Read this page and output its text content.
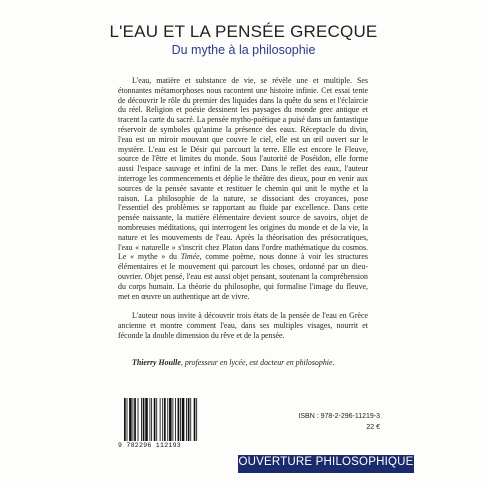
L'EAU ET LA PENSÉE GRECQUE
Du mythe à la philosophie

L'eau, matière et substance de vie, se révèle une et multiple. Ses étonnantes métamorphoses nous racontent une histoire infinie. Cet essai tente de découvrir le rôle du premier des liquides dans la quête du sens et l'éclaircie du réel. Religion et poésie dessinent les paysages du monde grec antique et tracent la carte du sacré. La pensée mytho-poétique a puisé dans un fantastique réservoir de symboles qu'anime la présence des eaux. Réceptacle du divin, l'eau est un miroir mouvant que couvre le ciel, elle est un œil ouvert sur le mystère. L'eau est le Désir qui parcourt la terre. Elle est encore le Fleuve, source de l'être et limites du monde. Sous l'autorité de Poséidon, elle forme aussi l'espace sauvage et infini de la mer. Dans le reflet des eaux, l'auteur interroge les commencements et déplie le théâtre des dieux, pour en venir aux sources de la pensée savante et restituer le chemin qui unit le mythe et la raison. La philosophie de la nature, se dissociant des croyances, pose l'essentiel des problèmes se rapportant au fluide par excellence. Dans cette pensée naissante, la matière élémentaire devient source de savoirs, objet de nombreuses méditations, qui interrogent les origines du monde et de la vie, la nature et les mouvements de l'eau. Après la théorisation des présocratiques, l'eau « naturelle » s'inscrit chez Platon dans l'ordre mathématique du cosmos. Le « mythe » du Timée, comme poème, nous donne à voir les structures élémentaires et le mouvement qui parcourt les choses, ordonné par un dieu-ouvrier. Objet pensé, l'eau est aussi objet pensant, soutenant la compréhension du corps humain. La théorie du philosophe, qui formalise l'image du fleuve, met en œuvre un authentique art de vivre.

L'auteur nous invite à découvrir trois états de la pensée de l'eau en Grèce ancienne et montre comment l'eau, dans ses multiples visages, nourrit et féconde la double dimension du rêve et de la pensée.

Thierry Houlle, professeur en lycée, est docteur en philosophie.
9 782296 112193
ISBN : 978-2-296-11219-3
22 €
OUVERTURE PHILOSOPHIQUE
